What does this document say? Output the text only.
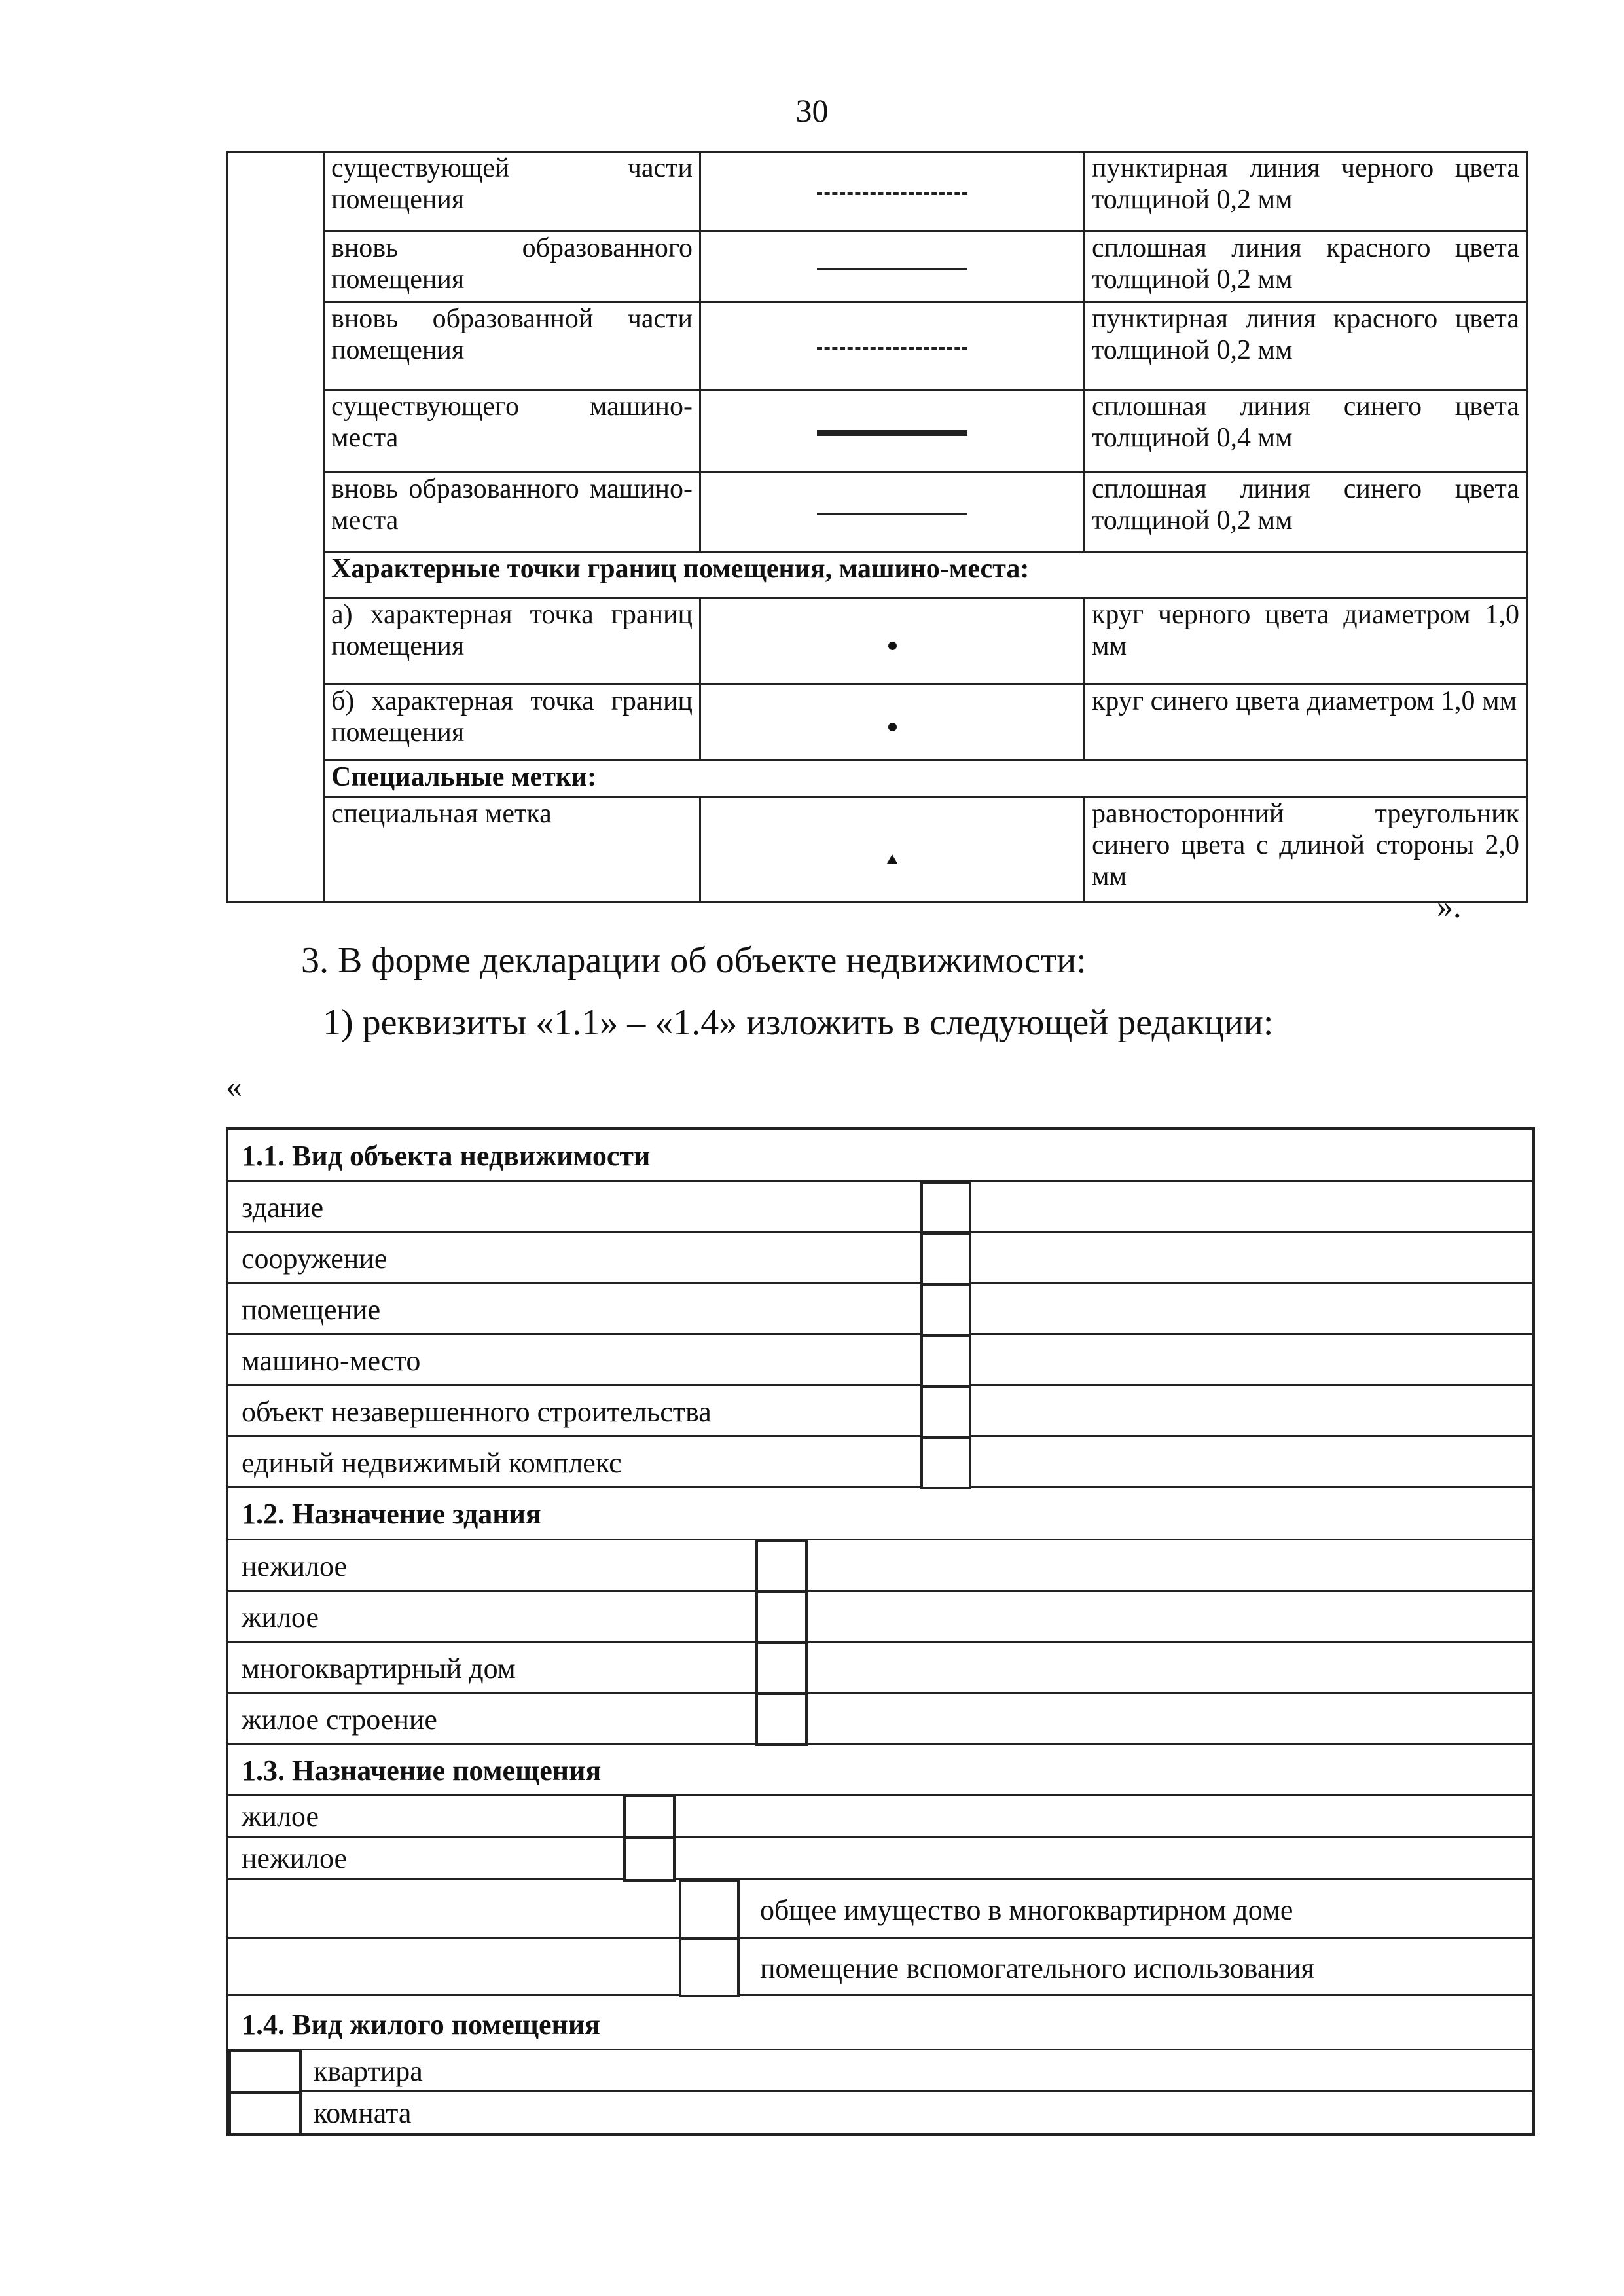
30
	существующей части помещения		пунктирная линия черного цвета толщиной 0,2 мм
	вновь образованного помещения		сплошная линия красного цвета толщиной 0,2 мм
	вновь образованной части помещения		пунктирная линия красного цвета толщиной 0,2 мм
	существующего машино-места		сплошная линия синего цвета толщиной 0,4 мм
	вновь образованного машино-места		сплошная линия синего цвета толщиной 0,2 мм
	Характерные точки границ помещения, машино-места:		
	а) характерная точка границ помещения		круг черного цвета диаметром 1,0 мм
	б) характерная точка границ помещения		круг синего цвета диаметром 1,0 мм
	Специальные метки:		
	специальная метка		равносторонний треугольник синего цвета с длиной стороны 2,0 мм
».
3. В форме декларации об объекте недвижимости:
1) реквизиты «1.1» – «1.4» изложить в следующей редакции:
«
1.1. Вид объекта недвижимости
здание
сооружение
помещение
машино-место
объект незавершенного строительства
единый недвижимый комплекс
1.2. Назначение здания
нежилое
жилое
многоквартирный дом
жилое строение
1.3. Назначение помещения
жилое
нежилое
общее имущество в многоквартирном доме
помещение вспомогательного использования
1.4. Вид жилого помещения
квартира
комната
